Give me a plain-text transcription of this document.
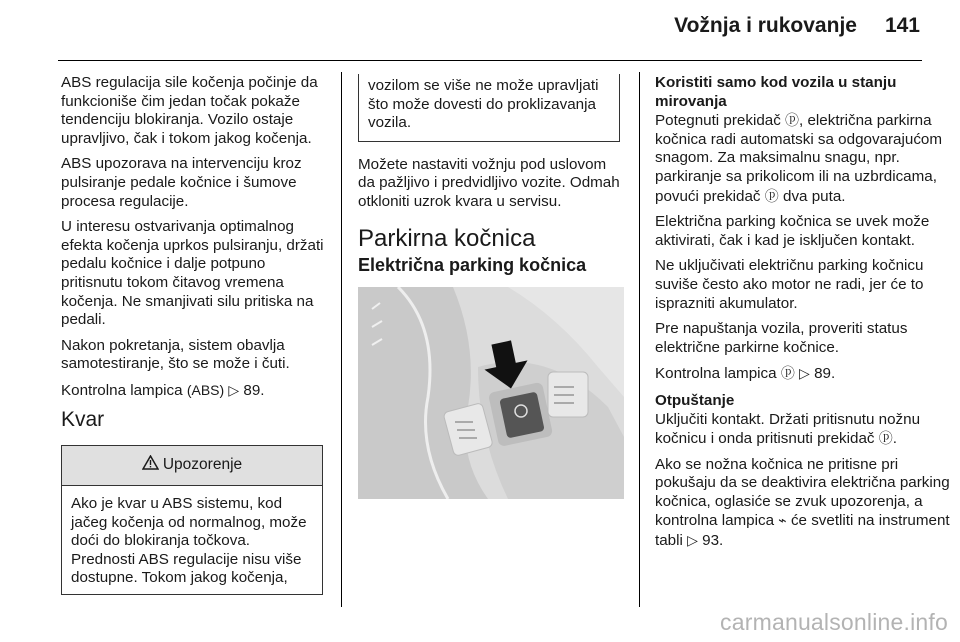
Vožnja i rukovanje 141

ABS regulacija sile kočenja počinje da funkcioniše čim jedan točak pokaže tendenciju blokiranja. Vozilo ostaje upravljivo, čak i tokom jakog kočenja.

ABS upozorava na intervenciju kroz pulsiranje pedale kočnice i šumove procesa regulacije.

U interesu ostvarivanja optimalnog efekta kočenja uprkos pulsiranju, držati pedalu kočnice i dalje potpuno pritisnutu tokom čitavog vremena kočenja. Ne smanjivati silu pritiska na pedali.

Nakon pokretanja, sistem obavlja samotestiranje, što se može i čuti.

Kontrolna lampica (ABS) ▷ 89.

Kvar
Upozorenje
Ako je kvar u ABS sistemu, kod jačeg kočenja od normalnog, može doći do blokiranja točkova. Prednosti ABS regulacije nisu više dostupne. Tokom jakog kočenja,
vozilom se više ne može upravljati što može dovesti do proklizavanja vozila.

Možete nastaviti vožnju pod uslovom da pažljivo i predvidljivo vozite. Odmah otkloniti uzrok kvara u servisu.

Parkirna kočnica
Električna parking kočnica

Koristiti samo kod vozila u stanju mirovanja

Potegnuti prekidač ⓟ, električna parkirna kočnica radi automatski sa odgovarajućom snagom. Za maksimalnu snagu, npr. parkiranje sa prikolicom ili na uzbrdicama, povući prekidač ⓟ dva puta.

Električna parking kočnica se uvek može aktivirati, čak i kad je isključen kontakt.

Ne uključivati električnu parking kočnicu suviše često ako motor ne radi, jer će to isprazniti akumulator.

Pre napuštanja vozila, proveriti status električne parkirne kočnice.

Kontrolna lampica ⓟ ▷ 89.

Otpuštanje

Uključiti kontakt. Držati pritisnutu nožnu kočnicu i onda pritisnuti prekidač ⓟ.

Ako se nožna kočnica ne pritisne pri pokušaju da se deaktivira električna parking kočnica, oglasiće se zvuk upozorenja, a kontrolna lampica ⌁ će svetliti na instrument tabli ▷ 93.

carmanualsonline.info
